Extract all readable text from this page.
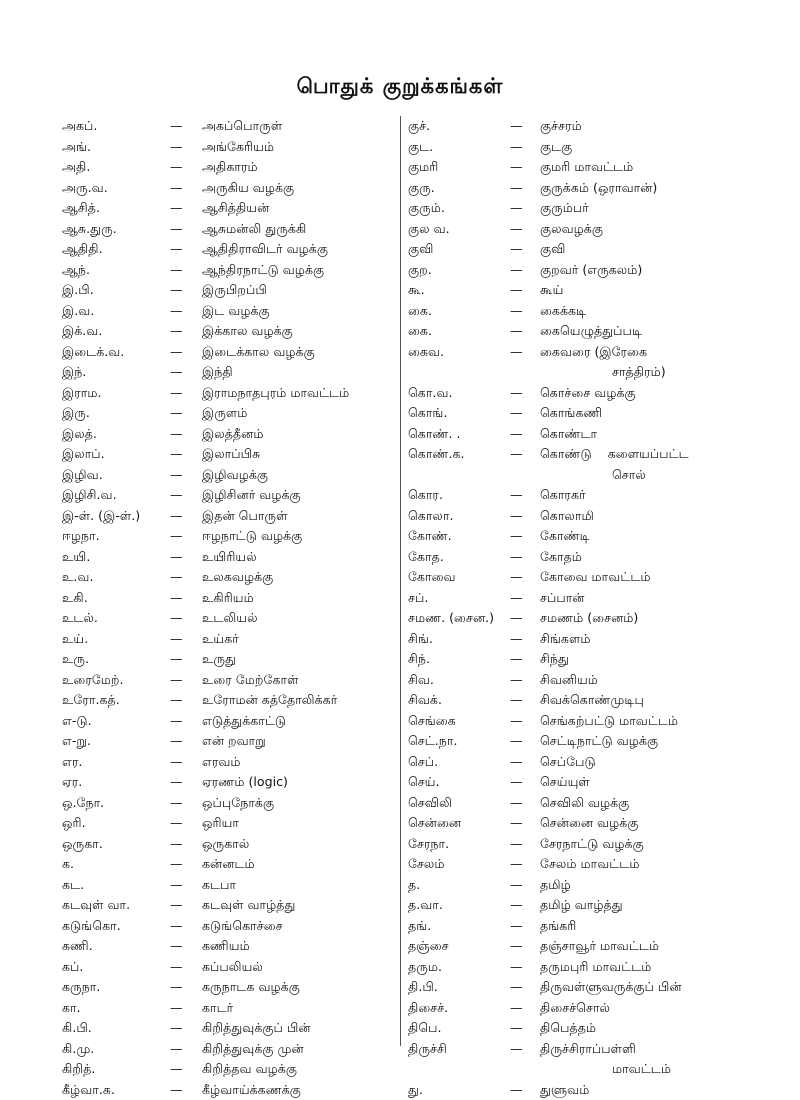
பொதுக் குறுக்கங்கள்
அகப்.	— அகப்பொருள்
அங்.	— அங்கேரியம்
அதி.	— அதிகாரம்
அரு.வ.	— அருகிய வழக்கு
ஆசித்.	— ஆசித்தியன்
ஆசு.துரு.	— ஆசுமன்லி துருக்கி
ஆதிதி.	— ஆதிதிராவிடர் வழக்கு
ஆந்.	— ஆந்திரநாட்டு வழக்கு
இ.பி.	— இருபிறப்பி
இ.வ.	— இட வழக்கு
இக்.வ.	— இக்கால வழக்கு
இடைக்.வ.	— இடைக்கால வழக்கு
இந்.	— இந்தி
இராம.	— இராமநாதபுரம் மாவட்டம்
இரு.	— இருளம்
இலத்.	— இலத்தீனம்
இலாப்.	— இலாப்பிசு
இழிவ.	— இழிவழக்கு
இழிசி.வ.	— இழிசினர் வழக்கு
இ-ள். (இ-ள்.) — இதன் பொருள்
ஈழநா.	— ஈழநாட்டு வழக்கு
உயி.	— உயிரியல்
உ.வ.	— உலகவழக்கு
உகி.	— உகிரியம்
உடல்.	— உடலியல்
உய்.	— உய்கர்
உரு.	— உருது
உரைமேற்.	— உரை மேற்கோள்
உரோ.கத்.	— உரோமன் கத்தோலிக்கர்
எ-டு.	— எடுத்துக்காட்டு
எ-று.	— என் றவாறு
எர.	— எரவம்
ஏர.	— ஏரணம் (logic)
ஒ.நோ.	— ஒப்புநோக்கு
ஒரி.	— ஒரியா
ஒருகா.	— ஒருகால்
க.	— கன்னடம்
கட.	— கடபா
கடவுள் வா.	— கடவுள் வாழ்த்து
கடுங்கொ.	— கடுங்கொச்சை
கணி.	— கணியம்
கப்.	— கப்பலியல்
கருநா.	— கருநாடக வழக்கு
கா.	— காடர்
கி.பி.	— கிறித்துவுக்குப் பின்
கி.மு.	— கிறித்துவுக்கு முன்
கிறித்.	— கிறித்தவ வழக்கு
கீழ்வா.க.	— கீழ்வாய்க்கணக்கு
குச்.	— குச்சரம்
குட.	— குடகு
குமரி	— குமரி மாவட்டம்
குரு.	— குருக்கம் (ஒராவான்)
குரும்.	— குரும்பர்
குல வ.	— குலவழக்கு
குவி	— குவி
குற.	— குறவர் (எருகலம்)
கூ.	— கூய்
கை.	— கைக்கடி
கை.	— கையெழுத்துப்படி
கைவ.	— கைவரை (இரேகை
சாத்திரம்)
கொ.வ.	— கொச்சை வழக்கு
கொங்.	— கொங்கணி
கொண். .	— கொண்டா
கொண்.க.	— கொண்டு    களையப்பட்ட
சொல்
கொர.	— கொரகர்
கொலா.	— கொலாமி
கோண்.	— கோண்டி
கோத.	— கோதம்
கோவை	— கோவை மாவட்டம்
சப்.	— சப்பான்
சமண. (சைன.) — சமணம் (சைனம்)
சிங்.	— சிங்களம்
சிந்.	— சிந்து
சிவ.	— சிவனியம்
சிவக்.	— சிவக்கொண்முடிபு
செங்கை	— செங்கற்பட்டு மாவட்டம்
செட்.நா.	— செட்டிநாட்டு வழக்கு
செப்.	— செப்பேடு
செய்.	— செய்யுள்
செவிலி	— செவிலி வழக்கு
சென்னை	— சென்னை வழக்கு
சேரநா.	— சேரநாட்டு வழக்கு
சேலம்	— சேலம் மாவட்டம்
த.	— தமிழ்
த.வா.	— தமிழ் வாழ்த்து
தங்.	— தங்கரி
தஞ்சை	— தஞ்சாவூர் மாவட்டம்
தரும.	— தருமபுரி மாவட்டம்
தி.பி.	— திருவள்ளுவருக்குப் பின்
திசைச்.	— திசைச்சொல்
திபெ.	— திபெத்தம்
திருச்சி	— திருச்சிராப்பள்ளி
மாவட்டம்
து.	— துளுவம்
